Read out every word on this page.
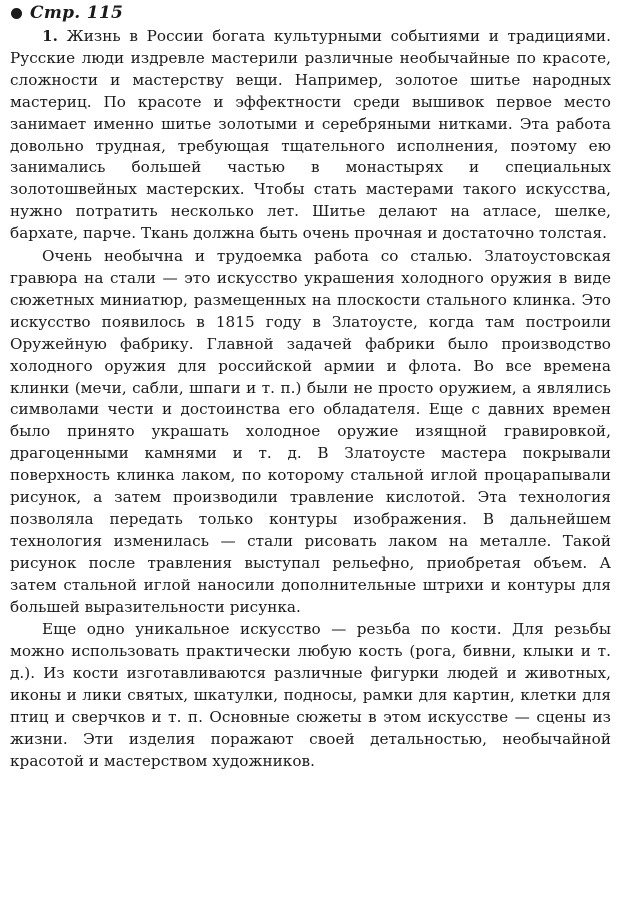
Стр. 115

1. Жизнь в России богата культурными событиями и традициями. Русские люди издревле мастерили различные необычайные по красоте, сложности и мастерству вещи. Например, золотое шитье народных мастериц. По красоте и эффектности среди вышивок первое место занимает именно шитье золотыми и серебряными нитками. Эта работа довольно трудная, требующая тщательного исполнения, поэтому ею занимались большей частью в монастырях и специальных золотошвейных мастерских. Чтобы стать мастерами такого искусства, нужно потратить несколько лет. Шитье делают на атласе, шелке, бархате, парче. Ткань должна быть очень прочная и достаточно толстая.

Очень необычна и трудоемка работа со сталью. Златоустовская гравюра на стали — это искусство украшения холодного оружия в виде сюжетных миниатюр, размещенных на плоскости стального клинка. Это искусство появилось в 1815 году в Златоусте, когда там построили Оружейную фабрику. Главной задачей фабрики было производство холодного оружия для российской армии и флота. Во все времена клинки (мечи, сабли, шпаги и т. п.) были не просто оружием, а являлись символами чести и достоинства его обладателя. Еще с давних времен было принято украшать холодное оружие изящной гравировкой, драгоценными камнями и т. д. В Златоусте мастера покрывали поверхность клинка лаком, по которому стальной иглой процарапывали рисунок, а затем производили травление кислотой. Эта технология позволяла передать только контуры изображения. В дальнейшем технология изменилась — стали рисовать лаком на металле. Такой рисунок после травления выступал рельефно, приобретая объем. А затем стальной иглой наносили дополнительные штрихи и контуры для большей выразительности рисунка.

Еще одно уникальное искусство — резьба по кости. Для резьбы можно использовать практически любую кость (рога, бивни, клыки и т. д.). Из кости изготавливаются различные фигурки людей и животных, иконы и лики святых, шкатулки, подносы, рамки для картин, клетки для птиц и сверчков и т. п. Основные сюжеты в этом искусстве — сцены из жизни. Эти изделия поражают своей детальностью, необычайной красотой и мастерством художников.
